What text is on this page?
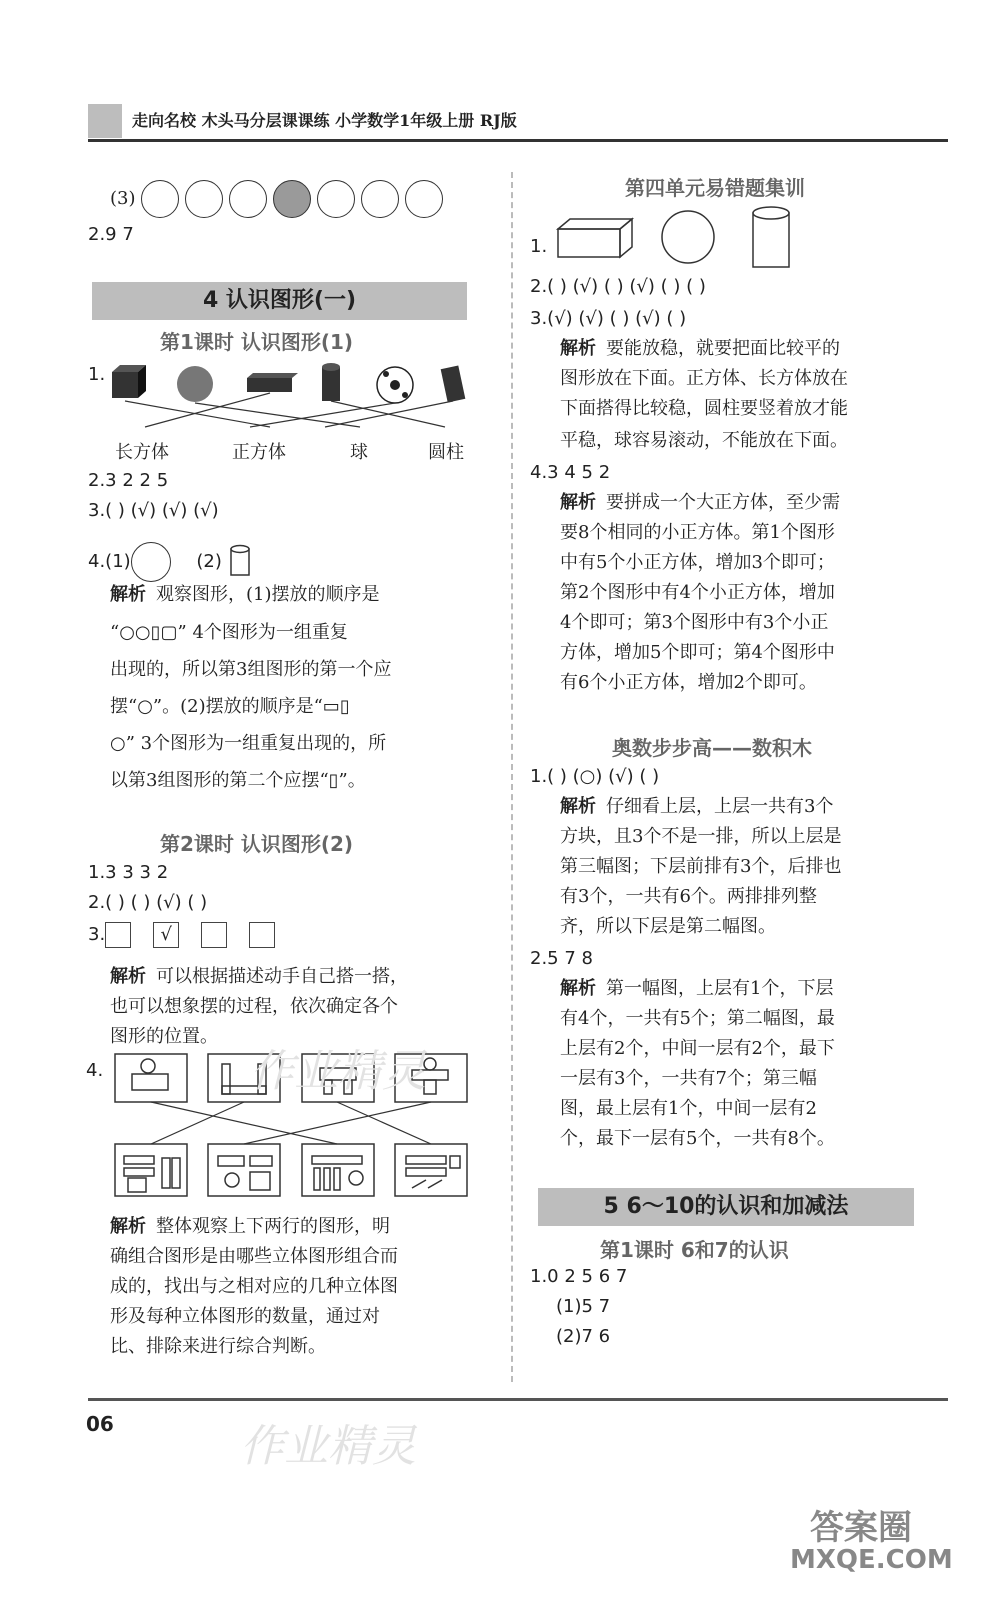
走向名校 木头马分层课课练 小学数学1年级上册 RJ版
(3)
2.9 7
4 认识图形(一)
第1课时 认识图形(1)
1.
长方体	正方体	球	圆柱
2.3 2 2 5
3.( ) (√) (√) (√)
4.(1)	(2)
解析 观察图形，(1)摆放的顺序是
“○○▯▢” 4个图形为一组重复
出现的，所以第3组图形的第一个应
摆“○”。(2)摆放的顺序是“▭▯
○” 3个图形为一组重复出现的，所
以第3组图形的第二个应摆“▯”。
第2课时 认识图形(2)
1.3 3 3 2
2.( ) ( ) (√) ( )
3.	√
解析 可以根据描述动手自己搭一搭，
也可以想象摆的过程，依次确定各个
图形的位置。
4.
解析 整体观察上下两行的图形，明
确组合图形是由哪些立体图形组合而
成的，找出与之相对应的几种立体图
形及每种立体图形的数量，通过对
比、排除来进行综合判断。
第四单元易错题集训
1.
2.( ) (√) ( ) (√) ( ) ( )
3.(√) (√) ( ) (√) ( )
解析 要能放稳，就要把面比较平的
图形放在下面。正方体、长方体放在
下面搭得比较稳，圆柱要竖着放才能
平稳，球容易滚动，不能放在下面。
4.3 4 5 2
解析 要拼成一个大正方体，至少需
要8个相同的小正方体。第1个图形
中有5个小正方体，增加3个即可；
第2个图形中有4个小正方体，增加
4个即可；第3个图形中有3个小正
方体，增加5个即可；第4个图形中
有6个小正方体，增加2个即可。
奥数步步高——数积木
1.( ) (○) (√) ( )
解析 仔细看上层，上层一共有3个
方块，且3个不是一排，所以上层是
第三幅图；下层前排有3个，后排也
有3个，一共有6个。两排排列整
齐，所以下层是第二幅图。
2.5 7 8
解析 第一幅图，上层有1个，下层
有4个，一共有5个；第二幅图，最
上层有2个，中间一层有2个，最下
一层有3个，一共有7个；第三幅
图，最上层有1个，中间一层有2
个，最下一层有5个，一共有8个。
5 6～10的认识和加减法
第1课时 6和7的认识
1.0 2 5 6 7
(1)5 7
(2)7 6
06
作业精灵
作业精灵
答案圈
MXQE.COM
